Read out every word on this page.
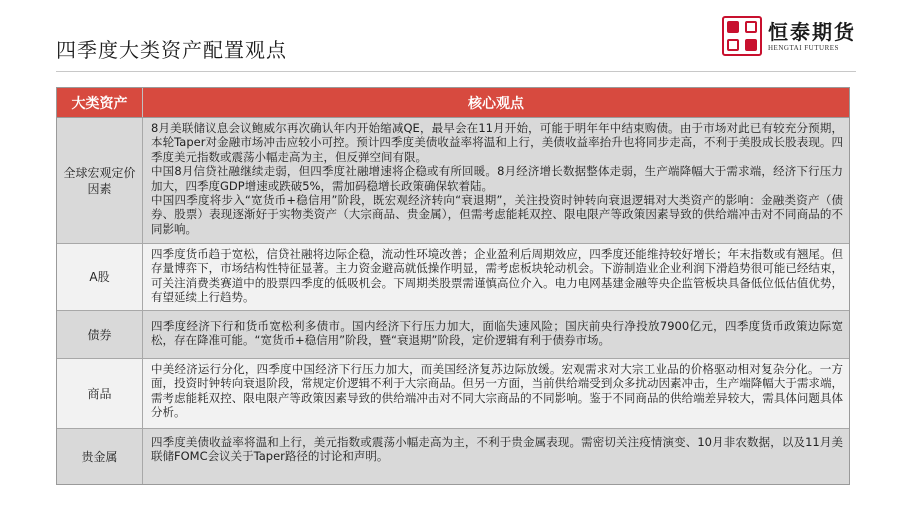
四季度大类资产配置观点
恒泰期货
HENGTAI FUTURES
大类资产	核心观点
全球宏观定价因素
8月美联储议息会议鲍威尔再次确认年内开始缩减QE，最早会在11月开始，可能于明年年中结束购债。由于市场对此已有较充分预期，本轮Taper对金融市场冲击应较小可控。预计四季度美债收益率将温和上行，美债收益率抬升也将同步走高，不利于美股成长股表现。四季度美元指数或震荡小幅走高为主，但反弹空间有限。
中国8月信贷社融继续走弱，但四季度社融增速将企稳或有所回暖。8月经济增长数据整体走弱，生产端降幅大于需求端，经济下行压力加大，四季度GDP增速或跌破5%，需加码稳增长政策确保软着陆。
中国四季度将步入“宽货币+稳信用”阶段，既宏观经济转向“衰退期”，关注投资时钟转向衰退逻辑对大类资产的影响：金融类资产（债券、股票）表现逐渐好于实物类资产（大宗商品、贵金属），但需考虑能耗双控、限电限产等政策因素导致的供给端冲击对不同商品的不同影响。
A股
四季度货币趋于宽松，信贷社融将边际企稳，流动性环境改善；企业盈利后周期效应，四季度还能维持较好增长；年末指数或有翘尾。但存量博弈下，市场结构性特征显著。主力资金避高就低操作明显，需考虑板块轮动机会。下游制造业企业利润下滑趋势很可能已经结束，可关注消费类赛道中的股票四季度的低吸机会。下周期类股票需谨慎高位介入。电力电网基建金融等央企监管板块具备低位低估值优势，有望延续上行趋势。
债券
四季度经济下行和货币宽松利多债市。国内经济下行压力加大，面临失速风险；国庆前央行净投放7900亿元，四季度货币政策边际宽松，存在降准可能。“宽货币+稳信用”阶段，暨“衰退期”阶段，定价逻辑有利于债券市场。
商品
中美经济运行分化，四季度中国经济下行压力加大，而美国经济复苏边际放缓。宏观需求对大宗工业品的价格驱动相对复杂分化。一方面，投资时钟转向衰退阶段，常规定价逻辑不利于大宗商品。但另一方面，当前供给端受到众多扰动因素冲击，生产端降幅大于需求端，需考虑能耗双控、限电限产等政策因素导致的供给端冲击对不同大宗商品的不同影响。鉴于不同商品的供给端差异较大，需具体问题具体分析。
贵金属
四季度美债收益率将温和上行，美元指数或震荡小幅走高为主，不利于贵金属表现。需密切关注疫情演变、10月非农数据，以及11月美联储FOMC会议关于Taper路径的讨论和声明。
